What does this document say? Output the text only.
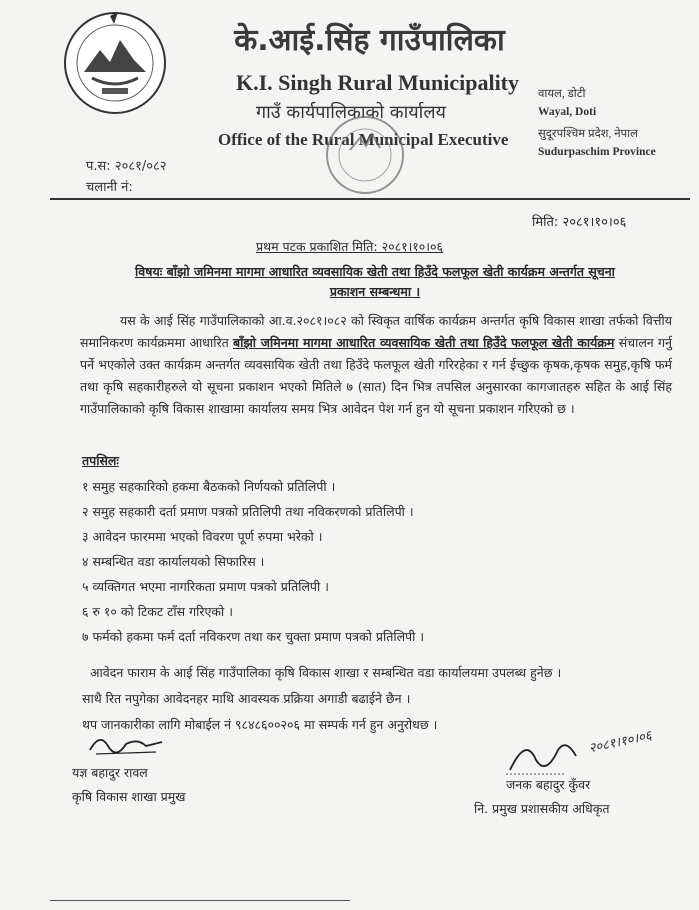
के.आई.सिंह गाउँपालिका
K.I. Singh Rural Municipality
गाउँ कार्यपालिकाको कार्यालय
Office of the Rural Municipal Executive
वायल, डोटी
Wayal, Doti
सुदूरपश्चिम प्रदेश, नेपाल
Sudurpaschim Province
प.स: २०८१/०८२
चलानी नं:
मिति: २०८१।१०।०६
प्रथम पटक प्रकाशित मिति: २०८१।१०।०६
विषयः बाँझो जमिनमा मागमा आधारित व्यवसायिक खेती तथा हिउँदे फलफूल खेती कार्यक्रम अन्तर्गत सूचना
प्रकाशन सम्बन्धमा ।
यस के आई सिंह गाउँपालिकाको आ.व.२०८१।०८२ को स्विकृत वार्षिक कार्यक्रम अन्तर्गत कृषि विकास शाखा तर्फको वित्तीय समानिकरण कार्यक्रममा आधारित बाँझो जमिनमा मागमा आधारित व्यवसायिक खेती तथा हिउँदे फलफूल खेती कार्यक्रम संचालन गर्नु पर्ने भएकोले उक्त कार्यक्रम अन्तर्गत व्यवसायिक खेती तथा हिउँदे फलफूल खेती गरिरहेका र गर्न ईच्छुक कृषक,कृषक समुह,कृषि फर्म तथा कृषि सहकारीहरुले यो सूचना प्रकाशन भएको मितिले ७ (सात) दिन भित्र तपसिल अनुसारका कागजातहरु सहित के आई सिंह गाउँपालिकाको कृषि विकास शाखामा कार्यालय समय भित्र आवेदन पेश गर्न हुन यो सूचना प्रकाशन गरिएको छ ।
तपसिलः
१ समुह सहकारिको हकमा बैठकको निर्णयको प्रतिलिपी ।
२ समुह सहकारी दर्ता प्रमाण पत्रको प्रतिलिपी तथा नविकरणको प्रतिलिपी ।
३ आवेदन फारममा भएको विवरण पूर्ण रुपमा भरेको ।
४ सम्बन्धित वडा कार्यालयको सिफारिस ।
५ व्यक्तिगत भएमा नागरिकता प्रमाण पत्रको प्रतिलिपी ।
६ रु १० को टिकट टाँस गरिएको ।
७ फर्मको हकमा फर्म दर्ता नविकरण तथा कर चुक्ता प्रमाण पत्रको प्रतिलिपी ।
आवेदन फाराम के आई सिंह गाउँपालिका कृषि विकास शाखा र सम्बन्धित वडा कार्यालयमा उपलब्ध हुनेछ ।
साथै रित नपुगेका आवेदनहर माथि आवस्यक प्रक्रिया अगाडी बढाईने छैन ।
थप जानकारीका लागि मोबाईल नं ९८४८६००२०६ मा सम्पर्क गर्न हुन अनुरोधछ ।
यज्ञ बहादुर रावल
कृषि विकास शाखा प्रमुख
२०८१।१०।०६
जनक बहादुर कुँवर
नि. प्रमुख प्रशासकीय अधिकृत
